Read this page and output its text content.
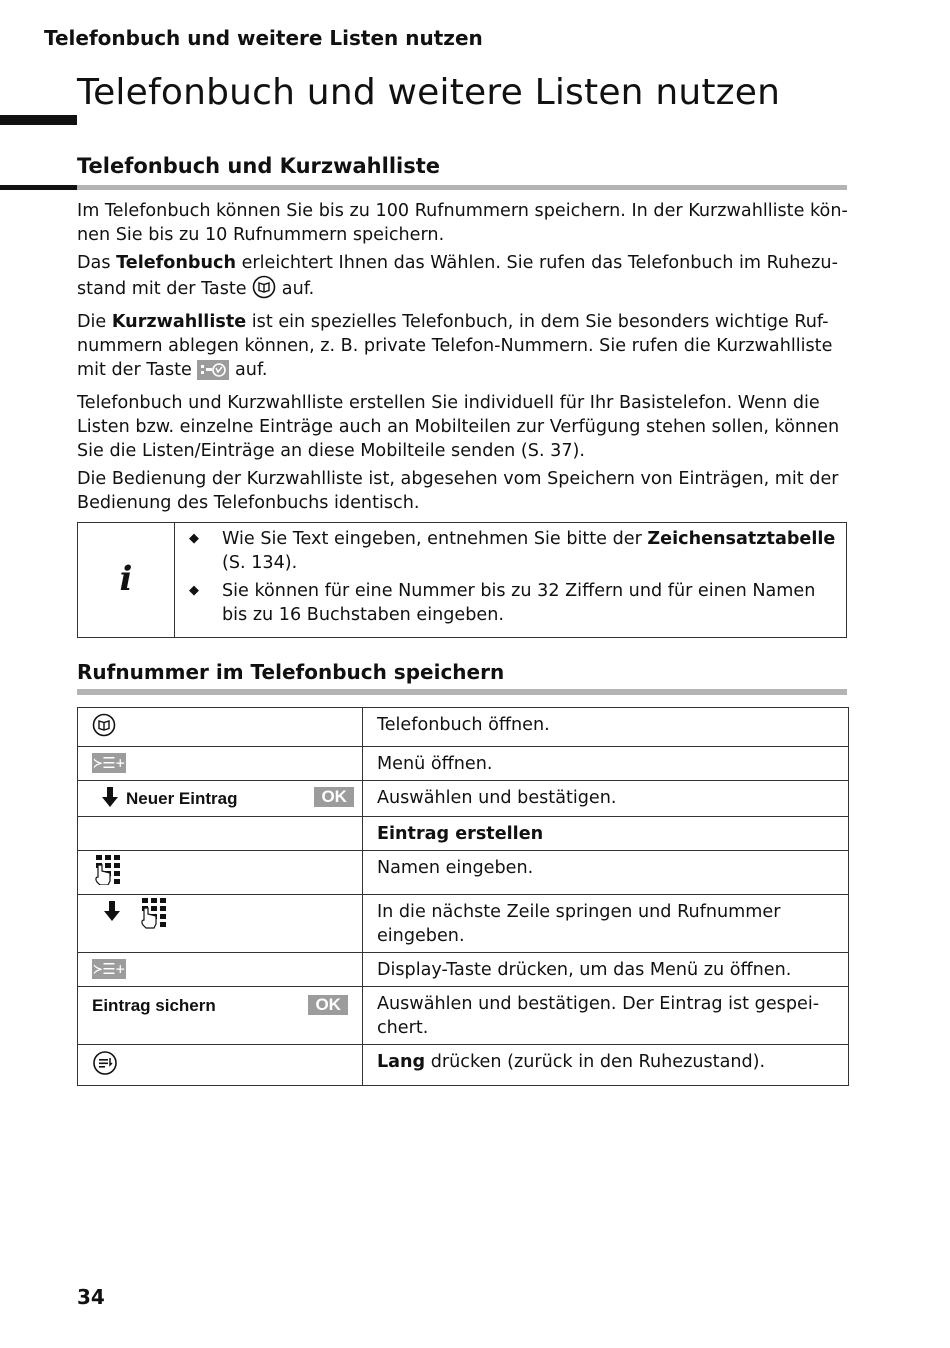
Telefonbuch und weitere Listen nutzen
Telefonbuch und weitere Listen nutzen
Telefonbuch und Kurzwahlliste

Im Telefonbuch können Sie bis zu 100 Rufnummern speichern. In der Kurzwahlliste kön-nen Sie bis zu 10 Rufnummern speichern.

Das Telefonbuch erleichtert Ihnen das Wählen. Sie rufen das Telefonbuch im Ruhezu-stand mit der Taste  auf.

Die Kurzwahlliste ist ein spezielles Telefonbuch, in dem Sie besonders wichtige Ruf-nummern ablegen können, z. B. private Telefon-Nummern. Sie rufen die Kurzwahlliste mit der Taste  auf.

Telefonbuch und Kurzwahlliste erstellen Sie individuell für Ihr Basistelefon. Wenn die Listen bzw. einzelne Einträge auch an Mobilteilen zur Verfügung stehen sollen, können Sie die Listen/Einträge an diese Mobilteile senden (S. 37).

Die Bedienung der Kurzwahlliste ist, abgesehen vom Speichern von Einträgen, mit der Bedienung des Telefonbuchs identisch.

i
◆ Wie Sie Text eingeben, entnehmen Sie bitte der Zeichensatztabelle (S. 134).
◆ Sie können für eine Nummer bis zu 32 Ziffern und für einen Namen bis zu 16 Buchstaben eingeben.
Rufnummer im Telefonbuch speichern
	Telefonbuch öffnen.
≻☰+	Menü öffnen.
Neuer Eintrag OK	Auswählen und bestätigen.
	Eintrag erstellen
	Namen eingeben.
	In die nächste Zeile springen und Rufnummer eingeben.
≻☰+	Display-Taste drücken, um das Menü zu öffnen.
Eintrag sichern OK	Auswählen und bestätigen. Der Eintrag ist gespei-chert.
	Lang drücken (zurück in den Ruhezustand).
34
